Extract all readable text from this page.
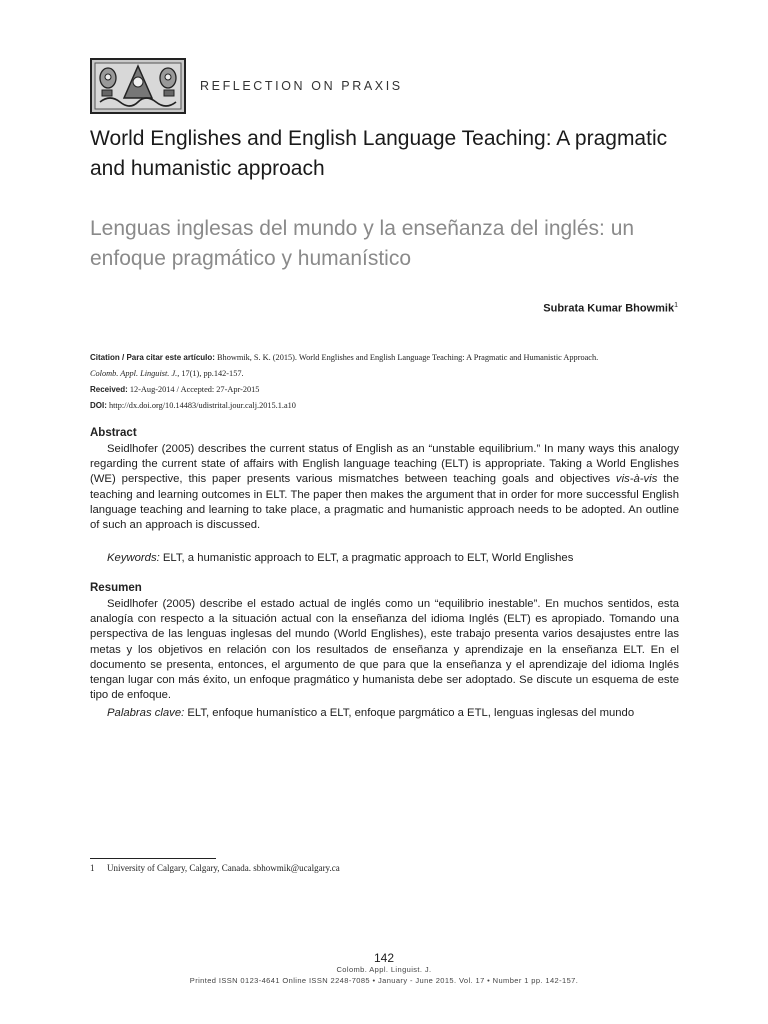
REFLECTION ON PRAXIS
World Englishes and English Language Teaching: A pragmatic and humanistic approach
Lenguas inglesas del mundo y la enseñanza del inglés: un enfoque pragmático y humanístico
Subrata Kumar Bhowmik$^1$
Citation / Para citar este artículo: Bhowmik, S. K. (2015). World Englishes and English Language Teaching: A Pragmatic and Humanistic Approach.
Colomb. Appl. Linguist. J., 17(1), pp.142-157.
Received: 12-Aug-2014 / Accepted: 27-Apr-2015
DOI: http://dx.doi.org/10.14483/udistrital.jour.calj.2015.1.a10
Abstract
Seidlhofer (2005) describes the current status of English as an “unstable equilibrium.” In many ways this analogy regarding the current state of affairs with English language teaching (ELT) is appropriate. Taking a World Englishes (WE) perspective, this paper presents various mismatches between teaching goals and objectives vis-à-vis the teaching and learning outcomes in ELT. The paper then makes the argument that in order for more successful English language teaching and learning to take place, a pragmatic and humanistic approach needs to be adopted. An outline of such an approach is discussed.
Keywords: ELT, a humanistic approach to ELT, a pragmatic approach to ELT, World Englishes
Resumen
Seidlhofer (2005) describe el estado actual de inglés como un “equilibrio inestable”. En muchos sentidos, esta analogía con respecto a la situación actual con la enseñanza del idioma Inglés (ELT) es apropiado. Tomando una perspectiva de las lenguas inglesas del mundo (World Englishes), este trabajo presenta varios desajustes entre las metas y los objetivos en relación con los resultados de enseñanza y aprendizaje en la enseñanza ELT. En el documento se presenta, entonces, el argumento de que para que la enseñanza y el aprendizaje del idioma Inglés tengan lugar con más éxito, un enfoque pragmático y humanista debe ser adoptado. Se discute un esquema de este tipo de enfoque.
Palabras clave: ELT, enfoque humanístico a ELT, enfoque pargmático a ETL, lenguas inglesas del mundo
1 University of Calgary, Calgary, Canada. sbhowmik@ucalgary.ca
142
Colomb. Appl. Linguist. J.
Printed ISSN 0123-4641 Online ISSN 2248-7085 • January - June 2015. Vol. 17 • Number 1 pp. 142-157.
